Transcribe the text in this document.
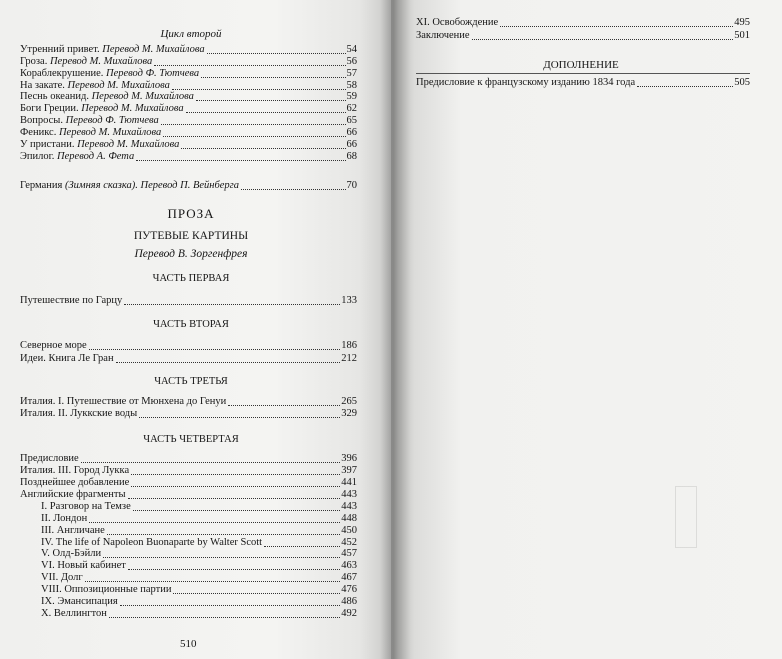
Цикл второй
Утренний привет. Перевод М. Михайлова	54
Гроза. Перевод М. Михайлова	56
Кораблекрушение. Перевод Ф. Тютчева	57
На закате. Перевод М. Михайлова	58
Песнь океанид. Перевод М. Михайлова	59
Боги Греции. Перевод М. Михайлова	62
Вопросы. Перевод Ф. Тютчева	65
Феникс. Перевод М. Михайлова	66
У пристани. Перевод М. Михайлова	66
Эпилог. Перевод А. Фета	68
Германия (Зимняя сказка). Перевод П. Вейнберга	70
ПРОЗА
ПУТЕВЫЕ КАРТИНЫ
Перевод В. Зоргенфрея
ЧАСТЬ ПЕРВАЯ
Путешествие по Гарцу	133
ЧАСТЬ ВТОРАЯ
Северное море	186
Идеи. Книга Ле Гран	212
ЧАСТЬ ТРЕТЬЯ
Италия. I. Путешествие от Мюнхена до Генуи	265
Италия. II. Луккские воды	329
ЧАСТЬ ЧЕТВЕРТАЯ
Предисловие	396
Италия. III. Город Лукка	397
Позднейшее добавление	441
Английские фрагменты	443
I. Разговор на Темзе	443
II. Лондон	448
III. Англичане	450
IV. The life of Napoleon Buonaparte by Walter Scott	452
V. Олд-Бэйли	457
VI. Новый кабинет	463
VII. Долг	467
VIII. Оппозиционные партии	476
IX. Эмансипация	486
X. Веллингтон	492
510
XI. Освобождение	495
Заключение	501
ДОПОЛНЕНИЕ
Предисловие к французскому изданию 1834 года	505
